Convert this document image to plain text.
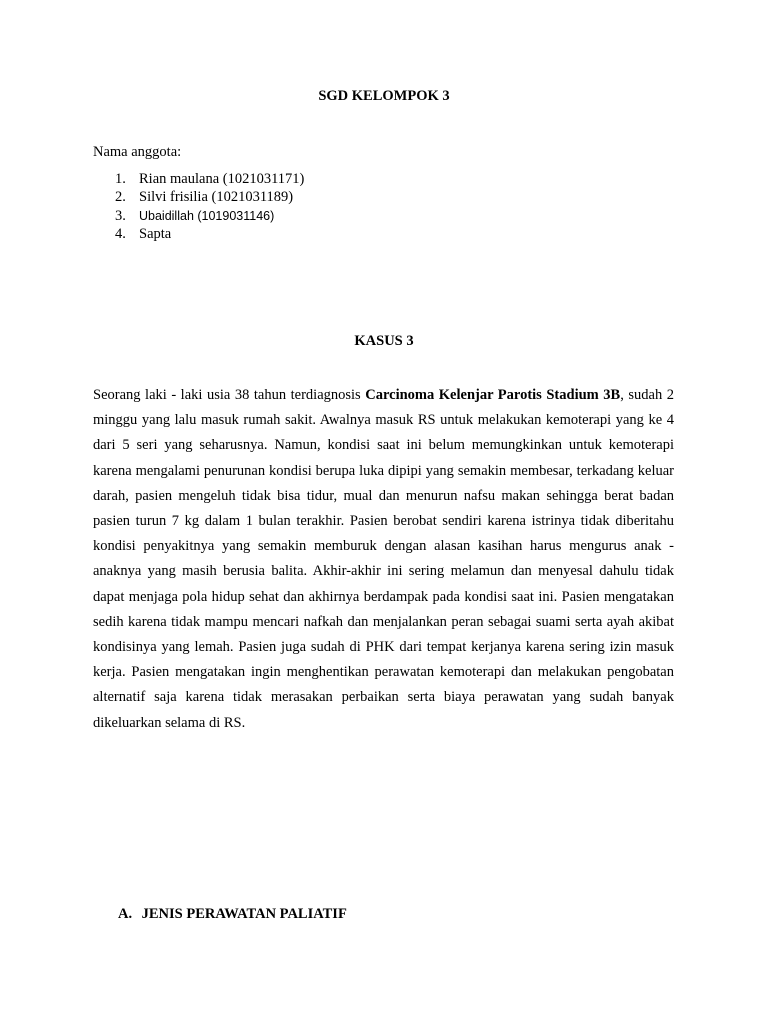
SGD KELOMPOK 3
Nama anggota:
1. Rian maulana (1021031171)
2. Silvi frisilia (1021031189)
3. Ubaidillah (1019031146)
4. Sapta
KASUS 3

Seorang laki - laki usia 38 tahun terdiagnosis Carcinoma Kelenjar Parotis Stadium 3B, sudah 2 minggu yang lalu masuk rumah sakit. Awalnya masuk RS untuk melakukan kemoterapi yang ke 4 dari 5 seri yang seharusnya. Namun, kondisi saat ini belum memungkinkan untuk kemoterapi karena mengalami penurunan kondisi berupa luka dipipi yang semakin membesar, terkadang keluar darah, pasien mengeluh tidak bisa tidur, mual dan menurun nafsu makan sehingga berat badan pasien turun 7 kg dalam 1 bulan terakhir. Pasien berobat sendiri karena istrinya tidak diberitahu kondisi penyakitnya yang semakin memburuk dengan alasan kasihan harus mengurus anak - anaknya yang masih berusia balita. Akhir-akhir ini sering melamun dan menyesal dahulu tidak dapat menjaga pola hidup sehat dan akhirnya berdampak pada kondisi saat ini. Pasien mengatakan sedih karena tidak mampu mencari nafkah dan menjalankan peran sebagai suami serta ayah akibat kondisinya yang lemah. Pasien juga sudah di PHK dari tempat kerjanya karena sering izin masuk kerja. Pasien mengatakan ingin menghentikan perawatan kemoterapi dan melakukan pengobatan alternatif saja karena tidak merasakan perbaikan serta biaya perawatan yang sudah banyak dikeluarkan selama di RS.

A. JENIS PERAWATAN PALIATIF
